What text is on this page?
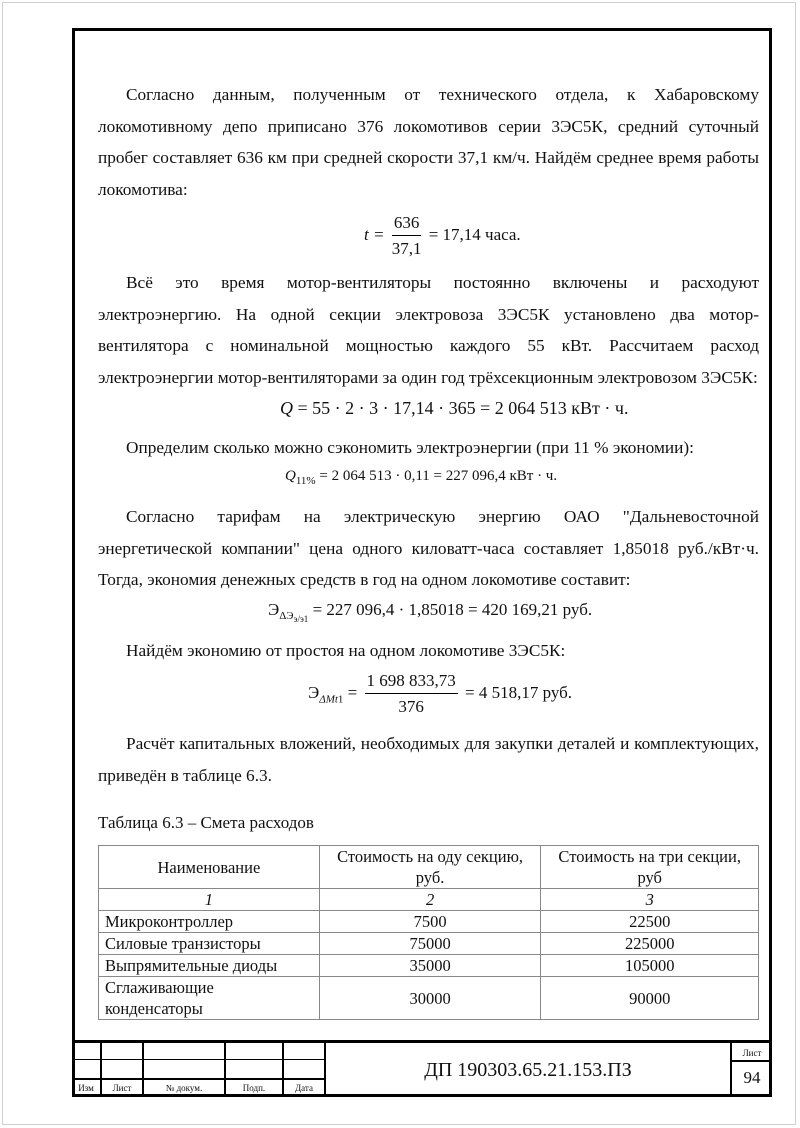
Согласно данным, полученным от технического отдела, к Хабаровскому локомотивному депо приписано 376 локомотивов серии 3ЭС5К, средний суточный пробег составляет 636 км при средней скорости 37,1 км/ч. Найдём среднее время работы локомотива:

$t = \frac{636}{37,1} = 17,14$ часа.

Всё это время мотор-вентиляторы постоянно включены и расходуют электроэнергию. На одной секции электровоза 3ЭС5К установлено два мотор-вентилятора с номинальной мощностью каждого 55 кВт. Рассчитаем расход электроэнергии мотор-вентиляторами за один год трёхсекционным электровозом 3ЭС5К:

Q = 55 · 2 · 3 · 17,14 · 365 = 2 064 513 кВт · ч.

Определим сколько можно сэкономить электроэнергии (при 11 % экономии):

$Q_{11\%} = 2$ 064 513 · 0,11 = 227 096,4 кВт · ч.

Согласно тарифам на электрическую энергию ОАО "Дальневосточной энергетической компании" цена одного киловатт-часа составляет 1,85018 руб./кВт·ч. Тогда, экономия денежных средств в год на одном локомотиве составит:

$Э_{\Delta Э_{э/э1}} = 227$ 096,4 · 1,85018 = 420 169,21 руб.

Найдём экономию от простоя на одном локомотиве 3ЭС5К:

$Э_{\Delta Mt1} = \frac{1 698 833,73}{376} = 4$ 518,17 руб.

Расчёт капитальных вложений, необходимых для закупки деталей и комплектующих, приведён в таблице 6.3.

Таблица 6.3 – Смета расходов
Наименование	Стоимость на оду секцию, руб.	Стоимость на три секции, руб
1	2	3
Микроконтроллер	7500	22500
Силовые транзисторы	75000	225000
Выпрямительные диоды	35000	105000
Сглаживающие конденсаторы	30000	90000
Изм	Лист	№ докум.	Подп.	Дата
ДП 190303.65.21.153.ПЗ
Лист
94
